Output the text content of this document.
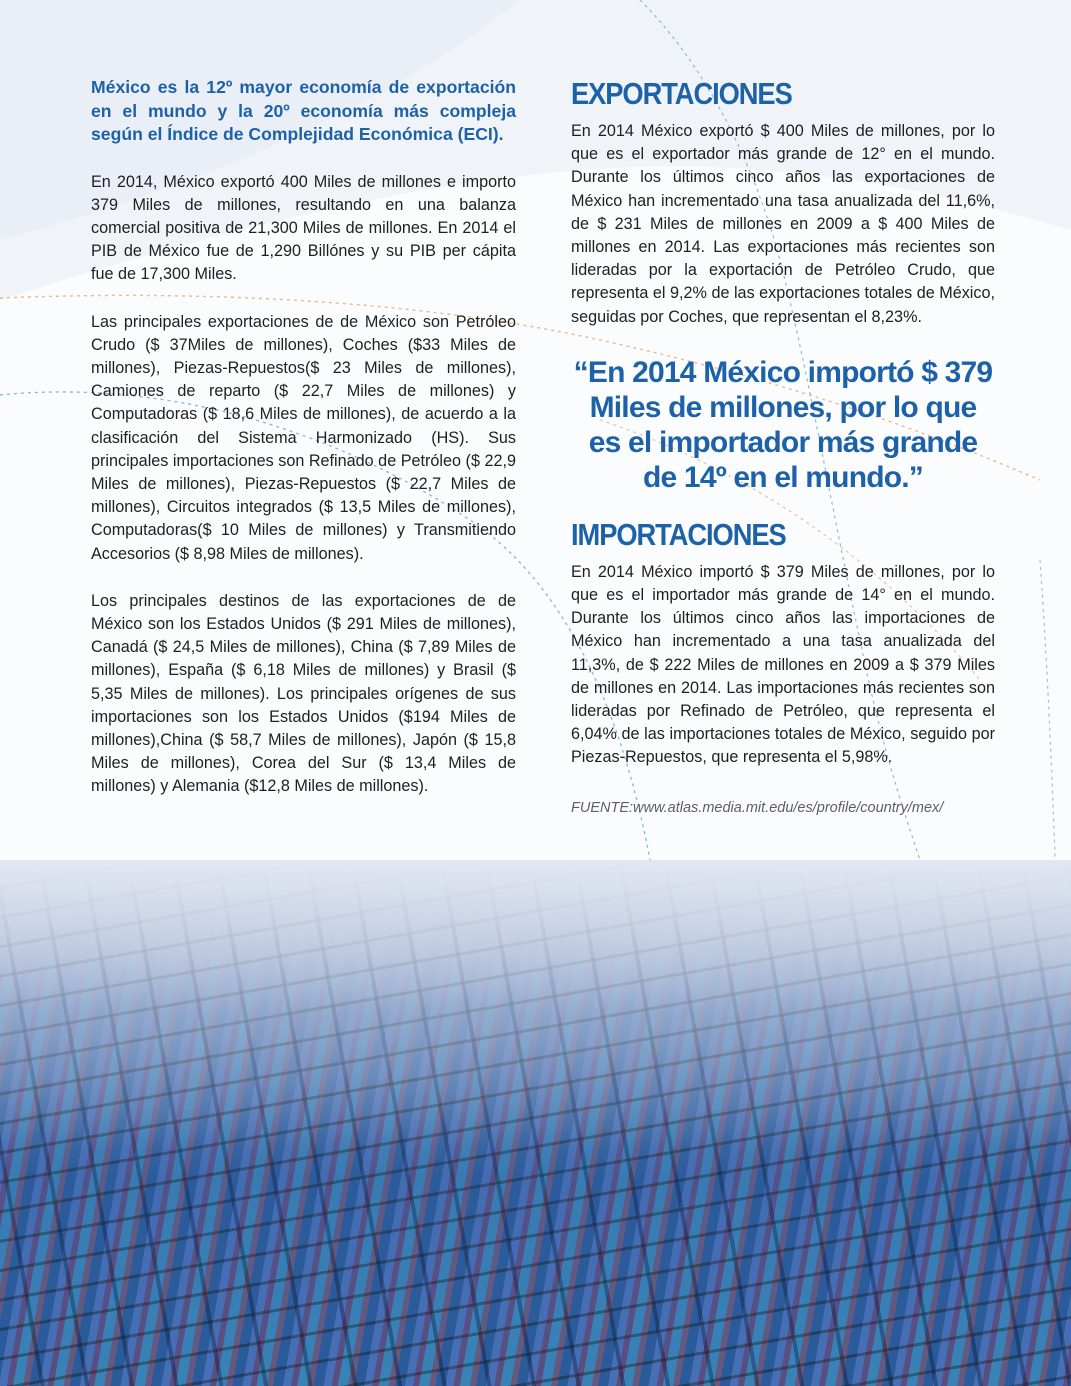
México es la 12º mayor economía de exportación en el mundo y la 20º economía más compleja según el Índice de Complejidad Económica (ECI).

En 2014, México exportó 400 Miles de millones e importo 379 Miles de millones, resultando en una balanza comercial positiva de 21,300 Miles de millones. En 2014 el PIB de México fue de 1,290 Billónes y su PIB per cápita fue de 17,300 Miles.

Las principales exportaciones de de México son Petróleo Crudo ($ 37Miles de millones), Coches ($33 Miles de millones), Piezas-Repuestos($ 23 Miles de millones), Camiones de reparto ($ 22,7 Miles de millones) y Computadoras ($ 18,6 Miles de millones), de acuerdo a la clasificación del Sistema Harmonizado (HS). Sus principales importaciones son Refinado de Petróleo ($ 22,9 Miles de millones), Piezas-Repuestos ($ 22,7 Miles de millones), Circuitos integrados ($ 13,5 Miles de millones), Computadoras($ 10 Miles de millones) y Transmitiendo Accesorios ($ 8,98 Miles de millones).

Los principales destinos de las exportaciones de de México son los Estados Unidos ($ 291 Miles de millones), Canadá ($ 24,5 Miles de millones), China ($ 7,89 Miles de millones), España ($ 6,18 Miles de millones) y Brasil ($ 5,35 Miles de millones). Los principales orígenes de sus importaciones son los Estados Unidos ($194 Miles de millones),China ($ 58,7 Miles de millones), Japón ($ 15,8 Miles de millones), Corea del Sur ($ 13,4 Miles de millones) y Alemania ($12,8 Miles de millones).

EXPORTACIONES

En 2014 México exportó $ 400 Miles de millones, por lo que es el exportador más grande de 12° en el mundo. Durante los últimos cinco años las exportaciones de México han incrementado una tasa anualizada del 11,6%, de $ 231 Miles de millones en 2009 a $ 400 Miles de millones en 2014. Las exportaciones más recientes son lideradas por la exportación de Petróleo Crudo, que representa el 9,2% de las exportaciones totales de México, seguidas por Coches, que representan el 8,23%.

“En 2014 México importó $ 379 Miles de millones, por lo que es el importador más grande de 14º en el mundo.”
IMPORTACIONES

En 2014 México importó $ 379 Miles de millones, por lo que es el importador más grande de 14° en el mundo. Durante los últimos cinco años las importaciones de México han incrementado a una tasa anualizada del 11,3%, de $ 222 Miles de millones en 2009 a $ 379 Miles de millones en 2014. Las importaciones más recientes son lideradas por Refinado de Petróleo, que representa el 6,04% de las importaciones totales de México, seguido por Piezas-Repuestos, que representa el 5,98%.

FUENTE:www.atlas.media.mit.edu/es/profile/country/mex/
